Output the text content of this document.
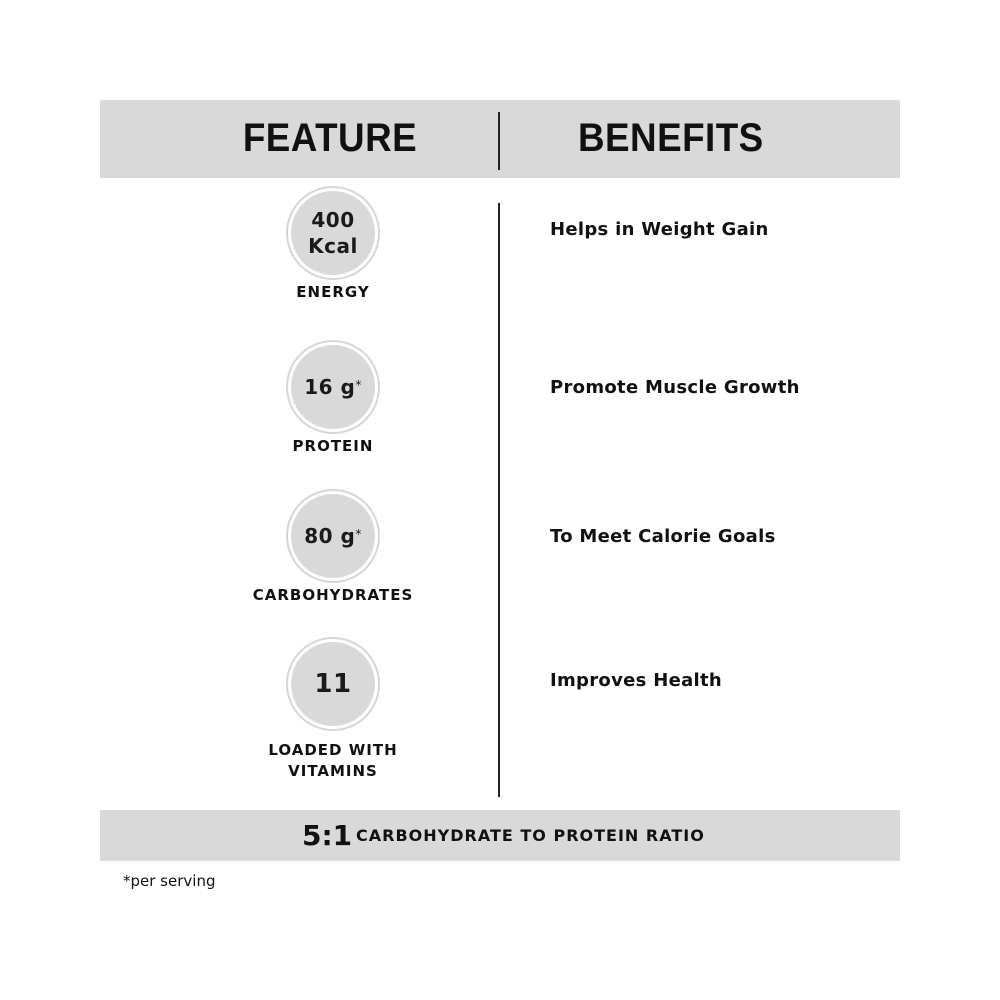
FEATURE	BENEFITS
400
Kcal
ENERGY
Helps in Weight Gain
16 g*
PROTEIN
Promote Muscle Growth
80 g*
CARBOHYDRATES
To Meet Calorie Goals
11
LOADED WITH
VITAMINS
Improves Health
5:1 CARBOHYDRATE TO PROTEIN RATIO
*per serving
